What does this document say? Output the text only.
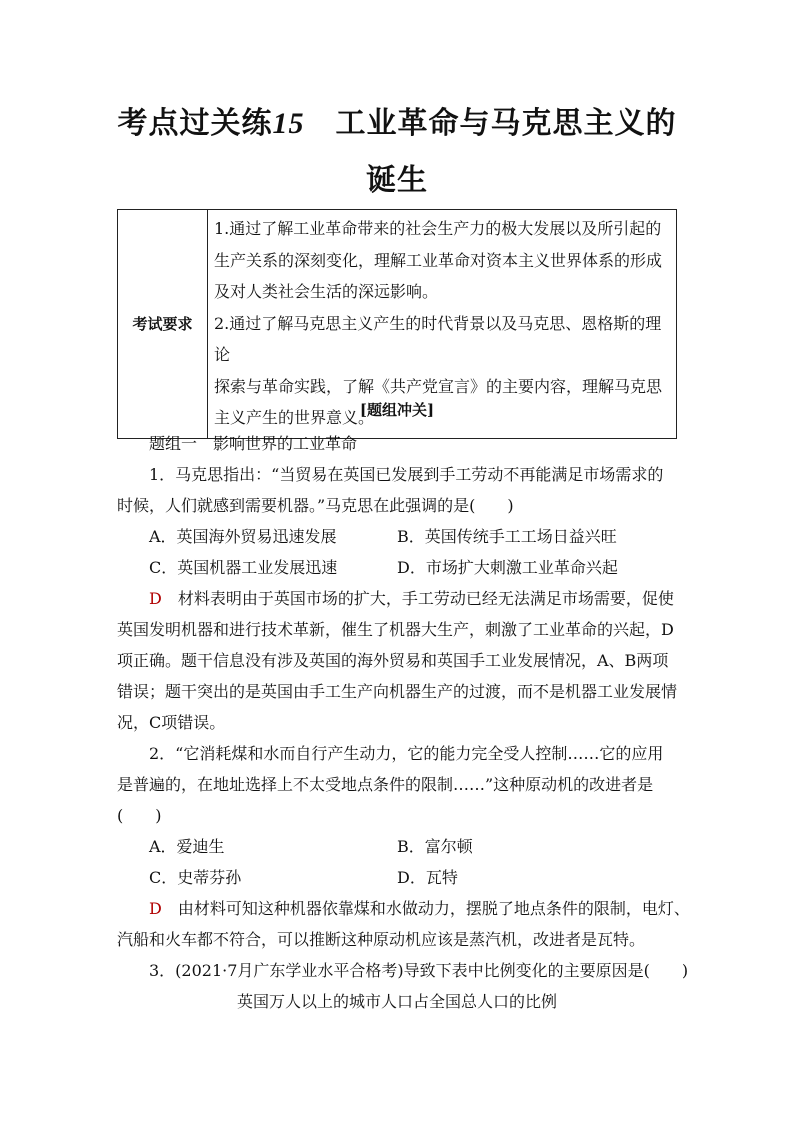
考点过关练15　 工业革命与马克思主义的
诞生
考试要求	
1.通过了解工业革命带来的社会生产力的极大发展以及所引起的
生产关系的深刻变化，理解工业革命对资本主义世界体系的形成
及对人类社会生活的深远影响。
2.通过了解马克思主义产生的时代背景以及马克思、恩格斯的理论
探索与革命实践，了解《共产党宣言》的主要内容，理解马克思
主义产生的世界意义。
[题组冲关]
题组一　影响世界的工业革命
1．马克思指出：“当贸易在英国已发展到手工劳动不再能满足市场需求的
时候，人们就感到需要机器。”马克思在此强调的是(　　)
A．英国海外贸易迅速发展	B．英国传统手工工场日益兴旺
C．英国机器工业发展迅速	D．市场扩大刺激工业革命兴起
D　 材料表明由于英国市场的扩大，手工劳动已经无法满足市场需要，促使
英国发明机器和进行技术革新，催生了机器大生产，刺激了工业革命的兴起，D
项正确。题干信息没有涉及英国的海外贸易和英国手工业发展情况，A、B两项
错误；题干突出的是英国由手工生产向机器生产的过渡，而不是机器工业发展情
况，C项错误。
2．“它消耗煤和水而自行产生动力，它的能力完全受人控制……它的应用
是普遍的，在地址选择上不太受地点条件的限制……”这种原动机的改进者是
(　　)
A．爱迪生	B．富尔顿
C．史蒂芬孙	D．瓦特
D　 由材料可知这种机器依靠煤和水做动力，摆脱了地点条件的限制，电灯、
汽船和火车都不符合，可以推断这种原动机应该是蒸汽机，改进者是瓦特。
3．(2021·7月广东学业水平合格考)导致下表中比例变化的主要原因是(　　)
英国万人以上的城市人口占全国总人口的比例
